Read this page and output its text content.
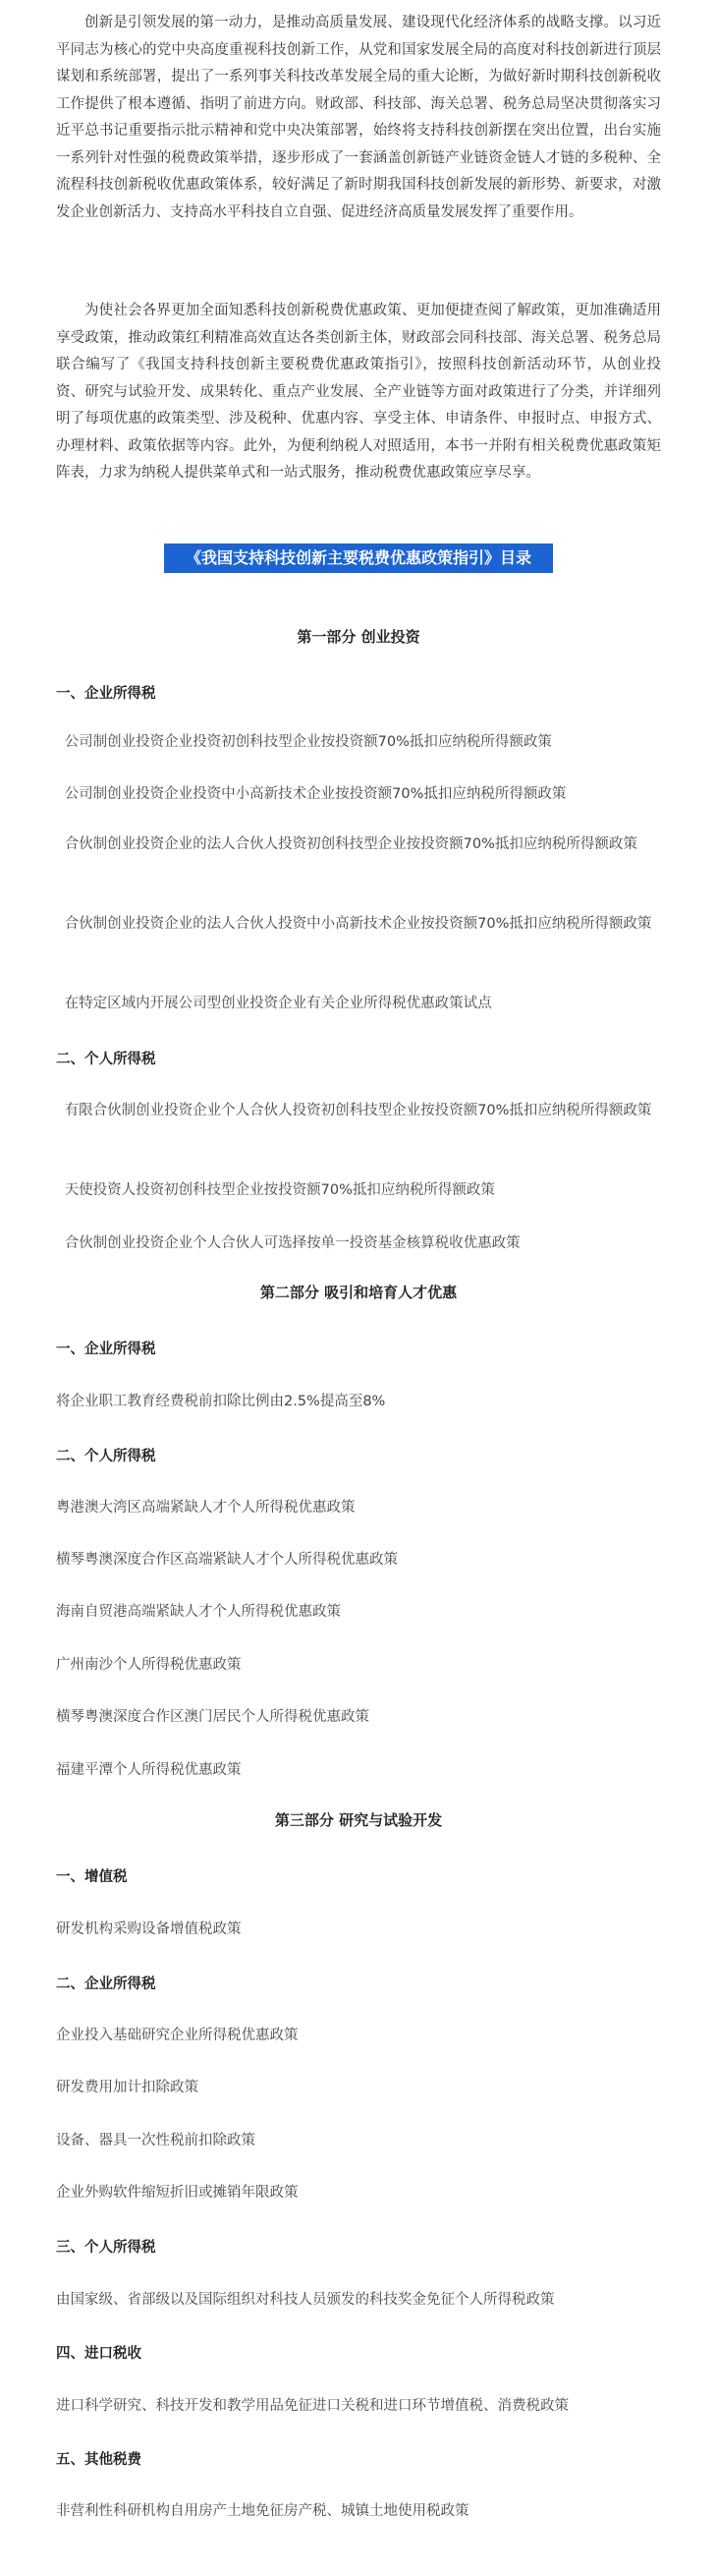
创新是引领发展的第一动力，是推动高质量发展、建设现代化经济体系的战略支撑。以习近平同志为核心的党中央高度重视科技创新工作，从党和国家发展全局的高度对科技创新进行顶层谋划和系统部署，提出了一系列事关科技改革发展全局的重大论断，为做好新时期科技创新税收工作提供了根本遵循、指明了前进方向。财政部、科技部、海关总署、税务总局坚决贯彻落实习近平总书记重要指示批示精神和党中央决策部署，始终将支持科技创新摆在突出位置，出台实施一系列针对性强的税费政策举措，逐步形成了一套涵盖创新链产业链资金链人才链的多税种、全流程科技创新税收优惠政策体系，较好满足了新时期我国科技创新发展的新形势、新要求，对激发企业创新活力、支持高水平科技自立自强、促进经济高质量发展发挥了重要作用。

为使社会各界更加全面知悉科技创新税费优惠政策、更加便捷查阅了解政策，更加准确适用享受政策，推动政策红利精准高效直达各类创新主体，财政部会同科技部、海关总署、税务总局联合编写了《我国支持科技创新主要税费优惠政策指引》，按照科技创新活动环节，从创业投资、研究与试验开发、成果转化、重点产业发展、全产业链等方面对政策进行了分类，并详细列明了每项优惠的政策类型、涉及税种、优惠内容、享受主体、申请条件、申报时点、申报方式、办理材料、政策依据等内容。此外，为便利纳税人对照适用，本书一并附有相关税费优惠政策矩阵表，力求为纳税人提供菜单式和一站式服务，推动税费优惠政策应享尽享。

《我国支持科技创新主要税费优惠政策指引》目录
第一部分 创业投资
一、企业所得税

公司制创业投资企业投资初创科技型企业按投资额70%抵扣应纳税所得额政策

公司制创业投资企业投资中小高新技术企业按投资额70%抵扣应纳税所得额政策

合伙制创业投资企业的法人合伙人投资初创科技型企业按投资额70%抵扣应纳税所得额政策

合伙制创业投资企业的法人合伙人投资中小高新技术企业按投资额70%抵扣应纳税所得额政策

在特定区域内开展公司型创业投资企业有关企业所得税优惠政策试点

二、个人所得税

有限合伙制创业投资企业个人合伙人投资初创科技型企业按投资额70%抵扣应纳税所得额政策

天使投资人投资初创科技型企业按投资额70%抵扣应纳税所得额政策

合伙制创业投资企业个人合伙人可选择按单一投资基金核算税收优惠政策

第二部分 吸引和培育人才优惠
一、企业所得税

将企业职工教育经费税前扣除比例由2.5%提高至8%

二、个人所得税

粤港澳大湾区高端紧缺人才个人所得税优惠政策

横琴粤澳深度合作区高端紧缺人才个人所得税优惠政策

海南自贸港高端紧缺人才个人所得税优惠政策

广州南沙个人所得税优惠政策

横琴粤澳深度合作区澳门居民个人所得税优惠政策

福建平潭个人所得税优惠政策

第三部分 研究与试验开发
一、增值税

研发机构采购设备增值税政策

二、企业所得税

企业投入基础研究企业所得税优惠政策

研发费用加计扣除政策

设备、器具一次性税前扣除政策

企业外购软件缩短折旧或摊销年限政策

三、个人所得税

由国家级、省部级以及国际组织对科技人员颁发的科技奖金免征个人所得税政策

四、进口税收

进口科学研究、科技开发和教学用品免征进口关税和进口环节增值税、消费税政策

五、其他税费

非营利性科研机构自用房产土地免征房产税、城镇土地使用税政策
